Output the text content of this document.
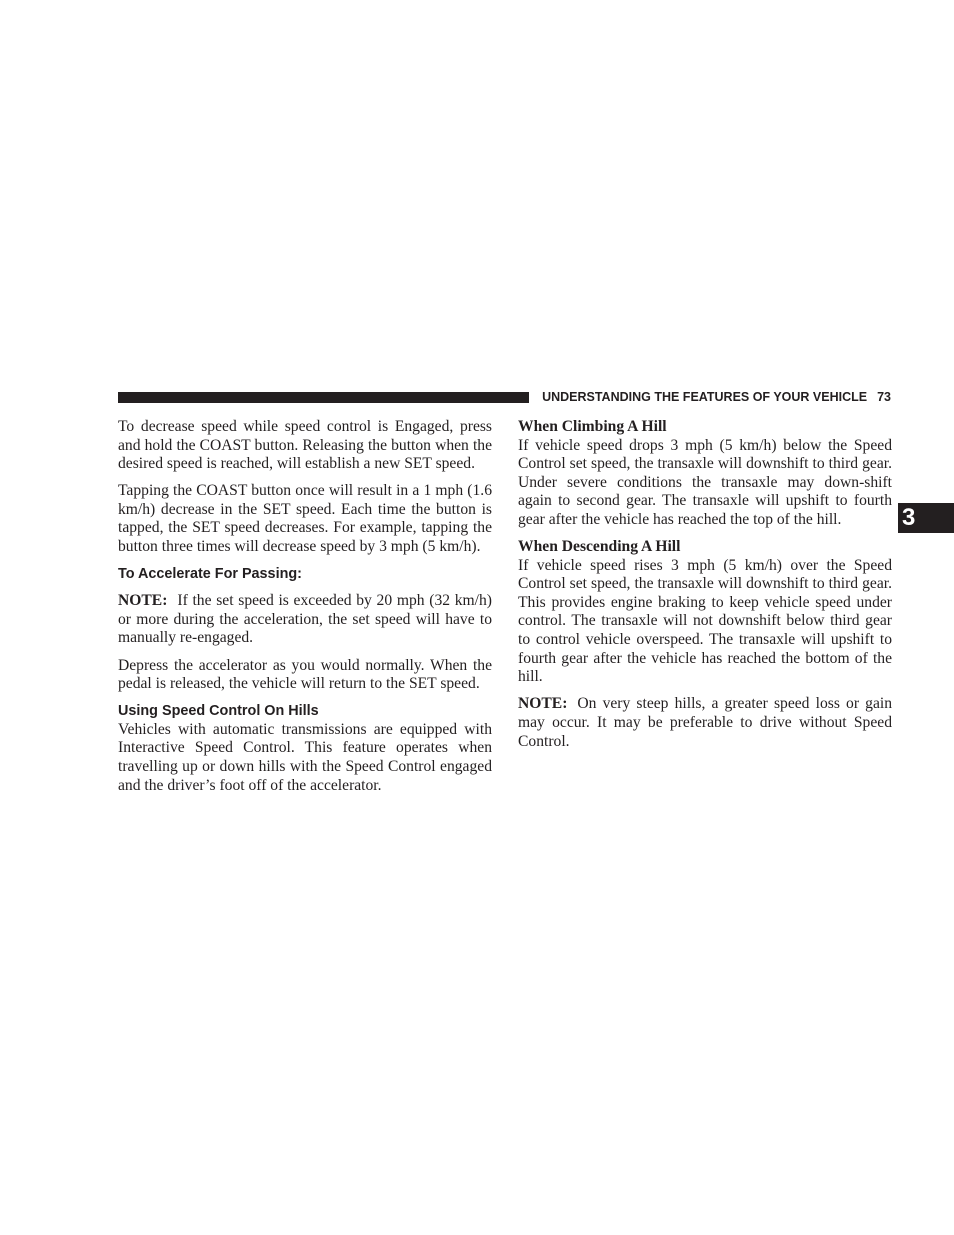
UNDERSTANDING THE FEATURES OF YOUR VEHICLE 73
3

To decrease speed while speed control is Engaged, press and hold the COAST button. Releasing the button when the desired speed is reached, will establish a new SET speed.

Tapping the COAST button once will result in a 1 mph (1.6 km/h) decrease in the SET speed. Each time the button is tapped, the SET speed decreases. For example, tapping the button three times will decrease speed by 3 mph (5 km/h).

To Accelerate For Passing:

NOTE: If the set speed is exceeded by 20 mph (32 km/h) or more during the acceleration, the set speed will have to manually re-engaged.

Depress the accelerator as you would normally. When the pedal is released, the vehicle will return to the SET speed.

Using Speed Control On Hills

Vehicles with automatic transmissions are equipped with Interactive Speed Control. This feature operates when travelling up or down hills with the Speed Control engaged and the driver’s foot off of the accelerator.

When Climbing A Hill

If vehicle speed drops 3 mph (5 km/h) below the Speed Control set speed, the transaxle will downshift to third gear. Under severe conditions the transaxle may down-shift again to second gear. The transaxle will upshift to fourth gear after the vehicle has reached the top of the hill.

When Descending A Hill

If vehicle speed rises 3 mph (5 km/h) over the Speed Control set speed, the transaxle will downshift to third gear. This provides engine braking to keep vehicle speed under control. The transaxle will not downshift below third gear to control vehicle overspeed. The transaxle will upshift to fourth gear after the vehicle has reached the bottom of the hill.

NOTE: On very steep hills, a greater speed loss or gain may occur. It may be preferable to drive without Speed Control.
